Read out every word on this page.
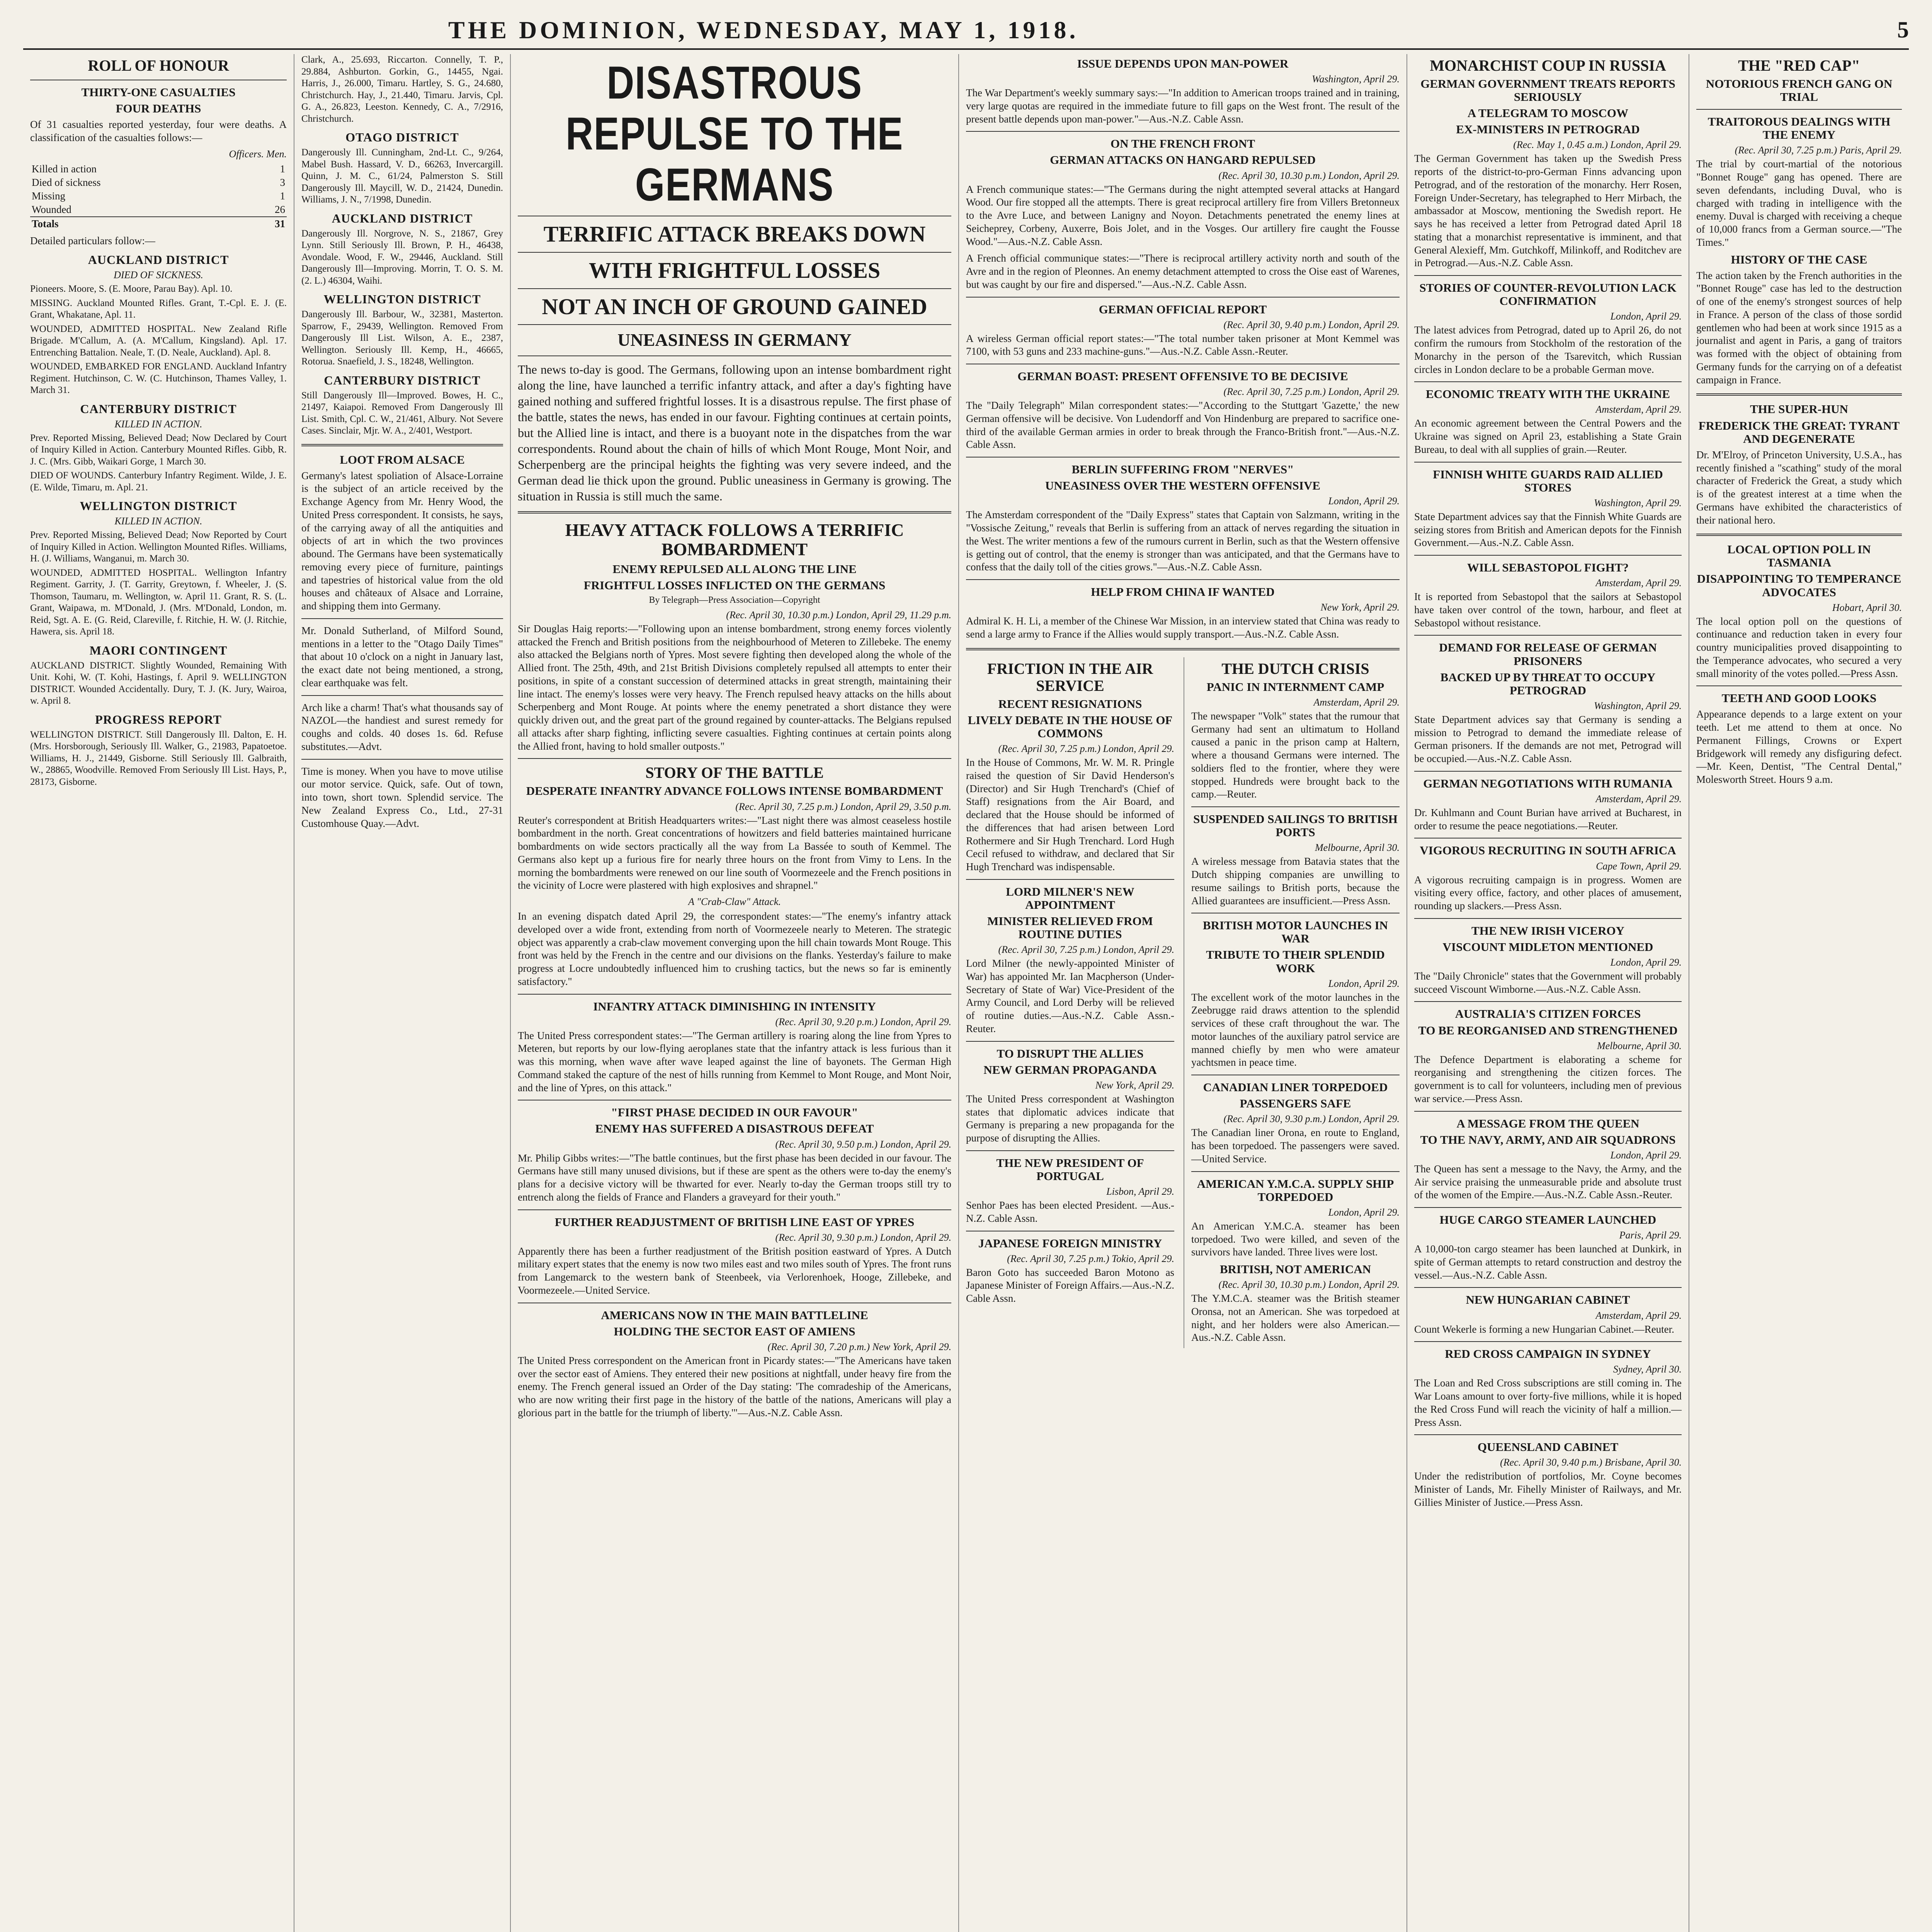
THE DOMINION, WEDNESDAY, MAY 1, 1918.	5
ROLL OF HONOUR
THIRTY-ONE CASUALTIES
FOUR DEATHS

Of 31 casualties reported yesterday, four were deaths. A classification of the casualties follows:—

Officers. Men.
Killed in action	1
Died of sickness	3
Missing	1
Wounded	26
Totals	31

Detailed particulars follow:—

AUCKLAND DISTRICT
DIED OF SICKNESS.

Pioneers. Moore, S. (E. Moore, Parau Bay). Apl. 10.

MISSING. Auckland Mounted Rifles. Grant, T.-Cpl. E. J. (E. Grant, Whakatane, Apl. 11.

WOUNDED, ADMITTED HOSPITAL. New Zealand Rifle Brigade. M'Callum, A. (A. M'Callum, Kingsland). Apl. 17. Entrenching Battalion. Neale, T. (D. Neale, Auckland). Apl. 8.

WOUNDED, EMBARKED FOR ENGLAND. Auckland Infantry Regiment. Hutchinson, C. W. (C. Hutchinson, Thames Valley, 1. March 31.

CANTERBURY DISTRICT
KILLED IN ACTION.

Prev. Reported Missing, Believed Dead; Now Declared by Court of Inquiry Killed in Action. Canterbury Mounted Rifles. Gibb, R. J. C. (Mrs. Gibb, Waikari Gorge, 1 March 30.

DIED OF WOUNDS. Canterbury Infantry Regiment. Wilde, J. E. (E. Wilde, Timaru, m. Apl. 21.

WELLINGTON DISTRICT
KILLED IN ACTION.

Prev. Reported Missing, Believed Dead; Now Reported by Court of Inquiry Killed in Action. Wellington Mounted Rifles. Williams, H. (J. Williams, Wanganui, m. March 30.

WOUNDED, ADMITTED HOSPITAL. Wellington Infantry Regiment. Garrity, J. (T. Garrity, Greytown, f. Wheeler, J. (S. Thomson, Taumaru, m. Wellington, w. April 11. Grant, R. S. (L. Grant, Waipawa, m. M'Donald, J. (Mrs. M'Donald, London, m. Reid, Sgt. A. E. (G. Reid, Clareville, f. Ritchie, H. W. (J. Ritchie, Hawera, sis. April 18.

MAORI CONTINGENT

AUCKLAND DISTRICT. Slightly Wounded, Remaining With Unit. Kohi, W. (T. Kohi, Hastings, f. April 9. WELLINGTON DISTRICT. Wounded Accidentally. Dury, T. J. (K. Jury, Wairoa, w. April 8.

PROGRESS REPORT

WELLINGTON DISTRICT. Still Dangerously Ill. Dalton, E. H. (Mrs. Horsborough, Seriously Ill. Walker, G., 21983, Papatoetoe. Williams, H. J., 21449, Gisborne. Still Seriously Ill. Galbraith, W., 28865, Woodville. Removed From Seriously Ill List. Hays, P., 28173, Gisborne.

Clark, A., 25.693, Riccarton. Connelly, T. P., 29.884, Ashburton. Gorkin, G., 14455, Ngai. Harris, J., 26.000, Timaru. Hartley, S. G., 24.680, Christchurch. Hay, J., 21.440, Timaru. Jarvis, Cpl. G. A., 26.823, Leeston. Kennedy, C. A., 7/2916, Christchurch.

OTAGO DISTRICT

Dangerously Ill. Cunningham, 2nd-Lt. C., 9/264, Mabel Bush. Hassard, V. D., 66263, Invercargill. Quinn, J. M. C., 61/24, Palmerston S. Still Dangerously Ill. Maycill, W. D., 21424, Dunedin. Williams, J. N., 7/1998, Dunedin.

AUCKLAND DISTRICT

Dangerously Ill. Norgrove, N. S., 21867, Grey Lynn. Still Seriously Ill. Brown, P. H., 46438, Avondale. Wood, F. W., 29446, Auckland. Still Dangerously Ill—Improving. Morrin, T. O. S. M. (2. L.) 46304, Waihi.

WELLINGTON DISTRICT

Dangerously Ill. Barbour, W., 32381, Masterton. Sparrow, F., 29439, Wellington. Removed From Dangerously Ill List. Wilson, A. E., 2387, Wellington. Seriously Ill. Kemp, H., 46665, Rotorua. Snaefield, J. S., 18248, Wellington.

CANTERBURY DISTRICT

Still Dangerously Ill—Improved. Bowes, H. C., 21497, Kaiapoi. Removed From Dangerously Ill List. Smith, Cpl. C. W., 21/461, Albury. Not Severe Cases. Sinclair, Mjr. W. A., 2/401, Westport.

LOOT FROM ALSACE

Germany's latest spoliation of Alsace-Lorraine is the subject of an article received by the Exchange Agency from Mr. Henry Wood, the United Press correspondent. It consists, he says, of the carrying away of all the antiquities and objects of art in which the two provinces abound. The Germans have been systematically removing every piece of furniture, paintings and tapestries of historical value from the old houses and châteaux of Alsace and Lorraine, and shipping them into Germany.

Mr. Donald Sutherland, of Milford Sound, mentions in a letter to the "Otago Daily Times" that about 10 o'clock on a night in January last, the exact date not being mentioned, a strong, clear earthquake was felt.

Arch like a charm! That's what thousands say of NAZOL—the handiest and surest remedy for coughs and colds. 40 doses 1s. 6d. Refuse substitutes.—Advt.

Time is money. When you have to move utilise our motor service. Quick, safe. Out of town, into town, short town. Splendid service. The New Zealand Express Co., Ltd., 27-31 Customhouse Quay.—Advt.

DISASTROUS REPULSE TO THE GERMANS
TERRIFIC ATTACK BREAKS DOWN
WITH FRIGHTFUL LOSSES
NOT AN INCH OF GROUND GAINED
UNEASINESS IN GERMANY

The news to-day is good. The Germans, following upon an intense bombardment right along the line, have launched a terrific infantry attack, and after a day's fighting have gained nothing and suffered frightful losses. It is a disastrous repulse. The first phase of the battle, states the news, has ended in our favour. Fighting continues at certain points, but the Allied line is intact, and there is a buoyant note in the dispatches from the war correspondents. Round about the chain of hills of which Mont Rouge, Mont Noir, and Scherpenberg are the principal heights the fighting was very severe indeed, and the German dead lie thick upon the ground. Public uneasiness in Germany is growing. The situation in Russia is still much the same.

HEAVY ATTACK FOLLOWS A TERRIFIC BOMBARDMENT
ENEMY REPULSED ALL ALONG THE LINE
FRIGHTFUL LOSSES INFLICTED ON THE GERMANS
By Telegraph—Press Association—Copyright
(Rec. April 30, 10.30 p.m.) London, April 29, 11.29 p.m.

Sir Douglas Haig reports:—"Following upon an intense bombardment, strong enemy forces violently attacked the French and British positions from the neighbourhood of Meteren to Zillebeke. The enemy also attacked the Belgians north of Ypres. Most severe fighting then developed along the whole of the Allied front. The 25th, 49th, and 21st British Divisions completely repulsed all attempts to enter their positions, in spite of a constant succession of determined attacks in great strength, maintaining their line intact. The enemy's losses were very heavy. The French repulsed heavy attacks on the hills about Scherpenberg and Mont Rouge. At points where the enemy penetrated a short distance they were quickly driven out, and the great part of the ground regained by counter-attacks. The Belgians repulsed all attacks after sharp fighting, inflicting severe casualties. Fighting continues at certain points along the Allied front, having to hold smaller outposts."

STORY OF THE BATTLE
DESPERATE INFANTRY ADVANCE FOLLOWS INTENSE BOMBARDMENT
(Rec. April 30, 7.25 p.m.) London, April 29, 3.50 p.m.

Reuter's correspondent at British Headquarters writes:—"Last night there was almost ceaseless hostile bombardment in the north. Great concentrations of howitzers and field batteries maintained hurricane bombardments on wide sectors practically all the way from La Bassée to south of Kemmel. The Germans also kept up a furious fire for nearly three hours on the front from Vimy to Lens. In the morning the bombardments were renewed on our line south of Voormezeele and the French positions in the vicinity of Locre were plastered with high explosives and shrapnel."

A "Crab-Claw" Attack.

In an evening dispatch dated April 29, the correspondent states:—"The enemy's infantry attack developed over a wide front, extending from north of Voormezeele nearly to Meteren. The strategic object was apparently a crab-claw movement converging upon the hill chain towards Mont Rouge. This front was held by the French in the centre and our divisions on the flanks. Yesterday's failure to make progress at Locre undoubtedly influenced him to crushing tactics, but the news so far is eminently satisfactory."

INFANTRY ATTACK DIMINISHING IN INTENSITY
(Rec. April 30, 9.20 p.m.) London, April 29.

The United Press correspondent states:—"The German artillery is roaring along the line from Ypres to Meteren, but reports by our low-flying aeroplanes state that the infantry attack is less furious than it was this morning, when wave after wave leaped against the line of bayonets. The German High Command staked the capture of the nest of hills running from Kemmel to Mont Rouge, and Mont Noir, and the line of Ypres, on this attack."

"FIRST PHASE DECIDED IN OUR FAVOUR"
ENEMY HAS SUFFERED A DISASTROUS DEFEAT
(Rec. April 30, 9.50 p.m.) London, April 29.

Mr. Philip Gibbs writes:—"The battle continues, but the first phase has been decided in our favour. The Germans have still many unused divisions, but if these are spent as the others were to-day the enemy's plans for a decisive victory will be thwarted for ever. Nearly to-day the German troops still try to entrench along the fields of France and Flanders a graveyard for their youth."

FURTHER READJUSTMENT OF BRITISH LINE EAST OF YPRES
(Rec. April 30, 9.30 p.m.) London, April 29.

Apparently there has been a further readjustment of the British position eastward of Ypres. A Dutch military expert states that the enemy is now two miles east and two miles south of Ypres. The front runs from Langemarck to the western bank of Steenbeek, via Verlorenhoek, Hooge, Zillebeke, and Voormezeele.—United Service.

AMERICANS NOW IN THE MAIN BATTLELINE
HOLDING THE SECTOR EAST OF AMIENS
(Rec. April 30, 7.20 p.m.) New York, April 29.

The United Press correspondent on the American front in Picardy states:—"The Americans have taken over the sector east of Amiens. They entered their new positions at nightfall, under heavy fire from the enemy. The French general issued an Order of the Day stating: 'The comradeship of the Americans, who are now writing their first page in the history of the battle of the nations, Americans will play a glorious part in the battle for the triumph of liberty.'"—Aus.-N.Z. Cable Assn.

ISSUE DEPENDS UPON MAN-POWER
Washington, April 29.

The War Department's weekly summary says:—"In addition to American troops trained and in training, very large quotas are required in the immediate future to fill gaps on the West front. The result of the present battle depends upon man-power."—Aus.-N.Z. Cable Assn.

ON THE FRENCH FRONT
GERMAN ATTACKS ON HANGARD REPULSED
(Rec. April 30, 10.30 p.m.) London, April 29.

A French communique states:—"The Germans during the night attempted several attacks at Hangard Wood. Our fire stopped all the attempts. There is great reciprocal artillery fire from Villers Bretonneux to the Avre Luce, and between Lanigny and Noyon. Detachments penetrated the enemy lines at Seicheprey, Corbeny, Auxerre, Bois Jolet, and in the Vosges. Our artillery fire caught the Fousse Wood."—Aus.-N.Z. Cable Assn.

A French official communique states:—"There is reciprocal artillery activity north and south of the Avre and in the region of Pleonnes. An enemy detachment attempted to cross the Oise east of Warenes, but was caught by our fire and dispersed."—Aus.-N.Z. Cable Assn.

GERMAN OFFICIAL REPORT
(Rec. April 30, 9.40 p.m.) London, April 29.

A wireless German official report states:—"The total number taken prisoner at Mont Kemmel was 7100, with 53 guns and 233 machine-guns."—Aus.-N.Z. Cable Assn.-Reuter.

GERMAN BOAST: PRESENT OFFENSIVE TO BE DECISIVE
(Rec. April 30, 7.25 p.m.) London, April 29.

The "Daily Telegraph" Milan correspondent states:—"According to the Stuttgart 'Gazette,' the new German offensive will be decisive. Von Ludendorff and Von Hindenburg are prepared to sacrifice one-third of the available German armies in order to break through the Franco-British front."—Aus.-N.Z. Cable Assn.

BERLIN SUFFERING FROM "NERVES"
UNEASINESS OVER THE WESTERN OFFENSIVE
London, April 29.

The Amsterdam correspondent of the "Daily Express" states that Captain von Salzmann, writing in the "Vossische Zeitung," reveals that Berlin is suffering from an attack of nerves regarding the situation in the West. The writer mentions a few of the rumours current in Berlin, such as that the Western offensive is getting out of control, that the enemy is stronger than was anticipated, and that the Germans have to confess that the daily toll of the cities grows."—Aus.-N.Z. Cable Assn.

HELP FROM CHINA IF WANTED
New York, April 29.

Admiral K. H. Li, a member of the Chinese War Mission, in an interview stated that China was ready to send a large army to France if the Allies would supply transport.—Aus.-N.Z. Cable Assn.

FRICTION IN THE AIR SERVICE
RECENT RESIGNATIONS
LIVELY DEBATE IN THE HOUSE OF COMMONS
(Rec. April 30, 7.25 p.m.) London, April 29.

In the House of Commons, Mr. W. M. R. Pringle raised the question of Sir David Henderson's (Director) and Sir Hugh Trenchard's (Chief of Staff) resignations from the Air Board, and declared that the House should be informed of the differences that had arisen between Lord Rothermere and Sir Hugh Trenchard. Lord Hugh Cecil refused to withdraw, and declared that Sir Hugh Trenchard was indispensable.

LORD MILNER'S NEW APPOINTMENT
MINISTER RELIEVED FROM ROUTINE DUTIES
(Rec. April 30, 7.25 p.m.) London, April 29.

Lord Milner (the newly-appointed Minister of War) has appointed Mr. Ian Macpherson (Under-Secretary of State of War) Vice-President of the Army Council, and Lord Derby will be relieved of routine duties.—Aus.-N.Z. Cable Assn.-Reuter.

TO DISRUPT THE ALLIES
NEW GERMAN PROPAGANDA
New York, April 29.

The United Press correspondent at Washington states that diplomatic advices indicate that Germany is preparing a new propaganda for the purpose of disrupting the Allies.

THE NEW PRESIDENT OF PORTUGAL
Lisbon, April 29.

Senhor Paes has been elected President. —Aus.-N.Z. Cable Assn.

JAPANESE FOREIGN MINISTRY
(Rec. April 30, 7.25 p.m.) Tokio, April 29.

Baron Goto has succeeded Baron Motono as Japanese Minister of Foreign Affairs.—Aus.-N.Z. Cable Assn.

THE DUTCH CRISIS
PANIC IN INTERNMENT CAMP
Amsterdam, April 29.

The newspaper "Volk" states that the rumour that Germany had sent an ultimatum to Holland caused a panic in the prison camp at Haltern, where a thousand Germans were interned. The soldiers fled to the frontier, where they were stopped. Hundreds were brought back to the camp.—Reuter.

SUSPENDED SAILINGS TO BRITISH PORTS
Melbourne, April 30.

A wireless message from Batavia states that the Dutch shipping companies are unwilling to resume sailings to British ports, because the Allied guarantees are insufficient.—Press Assn.

BRITISH MOTOR LAUNCHES IN WAR
TRIBUTE TO THEIR SPLENDID WORK
London, April 29.

The excellent work of the motor launches in the Zeebrugge raid draws attention to the splendid services of these craft throughout the war. The motor launches of the auxiliary patrol service are manned chiefly by men who were amateur yachtsmen in peace time.

CANADIAN LINER TORPEDOED
PASSENGERS SAFE
(Rec. April 30, 9.30 p.m.) London, April 29.

The Canadian liner Orona, en route to England, has been torpedoed. The passengers were saved.—United Service.

AMERICAN Y.M.C.A. SUPPLY SHIP TORPEDOED
London, April 29.

An American Y.M.C.A. steamer has been torpedoed. Two were killed, and seven of the survivors have landed. Three lives were lost.

BRITISH, NOT AMERICAN
(Rec. April 30, 10.30 p.m.) London, April 29.

The Y.M.C.A. steamer was the British steamer Oronsa, not an American. She was torpedoed at night, and her holders were also American.—Aus.-N.Z. Cable Assn.

MONARCHIST COUP IN RUSSIA
GERMAN GOVERNMENT TREATS REPORTS SERIOUSLY
A TELEGRAM TO MOSCOW
EX-MINISTERS IN PETROGRAD
(Rec. May 1, 0.45 a.m.) London, April 29.

The German Government has taken up the Swedish Press reports of the district-to-pro-German Finns advancing upon Petrograd, and of the restoration of the monarchy. Herr Rosen, Foreign Under-Secretary, has telegraphed to Herr Mirbach, the ambassador at Moscow, mentioning the Swedish report. He says he has received a letter from Petrograd dated April 18 stating that a monarchist representative is imminent, and that General Alexieff, Mm. Gutchkoff, Milinkoff, and Roditchev are in Petrograd.—Aus.-N.Z. Cable Assn.

STORIES OF COUNTER-REVOLUTION LACK CONFIRMATION
London, April 29.

The latest advices from Petrograd, dated up to April 26, do not confirm the rumours from Stockholm of the restoration of the Monarchy in the person of the Tsarevitch, which Russian circles in London declare to be a probable German move.

ECONOMIC TREATY WITH THE UKRAINE
Amsterdam, April 29.

An economic agreement between the Central Powers and the Ukraine was signed on April 23, establishing a State Grain Bureau, to deal with all supplies of grain.—Reuter.

FINNISH WHITE GUARDS RAID ALLIED STORES
Washington, April 29.

State Department advices say that the Finnish White Guards are seizing stores from British and American depots for the Finnish Government.—Aus.-N.Z. Cable Assn.

WILL SEBASTOPOL FIGHT?
Amsterdam, April 29.

It is reported from Sebastopol that the sailors at Sebastopol have taken over control of the town, harbour, and fleet at Sebastopol without resistance.

DEMAND FOR RELEASE OF GERMAN PRISONERS
BACKED UP BY THREAT TO OCCUPY PETROGRAD
Washington, April 29.

State Department advices say that Germany is sending a mission to Petrograd to demand the immediate release of German prisoners. If the demands are not met, Petrograd will be occupied.—Aus.-N.Z. Cable Assn.

GERMAN NEGOTIATIONS WITH RUMANIA
Amsterdam, April 29.

Dr. Kuhlmann and Count Burian have arrived at Bucharest, in order to resume the peace negotiations.—Reuter.

VIGOROUS RECRUITING IN SOUTH AFRICA
Cape Town, April 29.

A vigorous recruiting campaign is in progress. Women are visiting every office, factory, and other places of amusement, rounding up slackers.—Press Assn.

THE NEW IRISH VICEROY
VISCOUNT MIDLETON MENTIONED
London, April 29.

The "Daily Chronicle" states that the Government will probably succeed Viscount Wimborne.—Aus.-N.Z. Cable Assn.

AUSTRALIA'S CITIZEN FORCES
TO BE REORGANISED AND STRENGTHENED
Melbourne, April 30.

The Defence Department is elaborating a scheme for reorganising and strengthening the citizen forces. The government is to call for volunteers, including men of previous war service.—Press Assn.

A MESSAGE FROM THE QUEEN
TO THE NAVY, ARMY, AND AIR SQUADRONS
London, April 29.

The Queen has sent a message to the Navy, the Army, and the Air service praising the unmeasurable pride and absolute trust of the women of the Empire.—Aus.-N.Z. Cable Assn.-Reuter.

HUGE CARGO STEAMER LAUNCHED
Paris, April 29.

A 10,000-ton cargo steamer has been launched at Dunkirk, in spite of German attempts to retard construction and destroy the vessel.—Aus.-N.Z. Cable Assn.

NEW HUNGARIAN CABINET
Amsterdam, April 29.

Count Wekerle is forming a new Hungarian Cabinet.—Reuter.

RED CROSS CAMPAIGN IN SYDNEY
Sydney, April 30.

The Loan and Red Cross subscriptions are still coming in. The War Loans amount to over forty-five millions, while it is hoped the Red Cross Fund will reach the vicinity of half a million.—Press Assn.

QUEENSLAND CABINET
(Rec. April 30, 9.40 p.m.) Brisbane, April 30.

Under the redistribution of portfolios, Mr. Coyne becomes Minister of Lands, Mr. Fihelly Minister of Railways, and Mr. Gillies Minister of Justice.—Press Assn.

THE "RED CAP"
NOTORIOUS FRENCH GANG ON TRIAL
TRAITOROUS DEALINGS WITH THE ENEMY
(Rec. April 30, 7.25 p.m.) Paris, April 29.

The trial by court-martial of the notorious "Bonnet Rouge" gang has opened. There are seven defendants, including Duval, who is charged with trading in intelligence with the enemy. Duval is charged with receiving a cheque of 10,000 francs from a German source.—"The Times."

HISTORY OF THE CASE

The action taken by the French authorities in the "Bonnet Rouge" case has led to the destruction of one of the enemy's strongest sources of help in France. A person of the class of those sordid gentlemen who had been at work since 1915 as a journalist and agent in Paris, a gang of traitors was formed with the object of obtaining from Germany funds for the carrying on of a defeatist campaign in France.

THE SUPER-HUN
FREDERICK THE GREAT: TYRANT AND DEGENERATE

Dr. M'Elroy, of Princeton University, U.S.A., has recently finished a "scathing" study of the moral character of Frederick the Great, a study which is of the greatest interest at a time when the Germans have exhibited the characteristics of their national hero.

LOCAL OPTION POLL IN TASMANIA
DISAPPOINTING TO TEMPERANCE ADVOCATES
Hobart, April 30.

The local option poll on the questions of continuance and reduction taken in every four country municipalities proved disappointing to the Temperance advocates, who secured a very small minority of the votes polled.—Press Assn.

TEETH AND GOOD LOOKS

Appearance depends to a large extent on your teeth. Let me attend to them at once. No Permanent Fillings, Crowns or Expert Bridgework will remedy any disfiguring defect.—Mr. Keen, Dentist, "The Central Dental," Molesworth Street. Hours 9 a.m.
